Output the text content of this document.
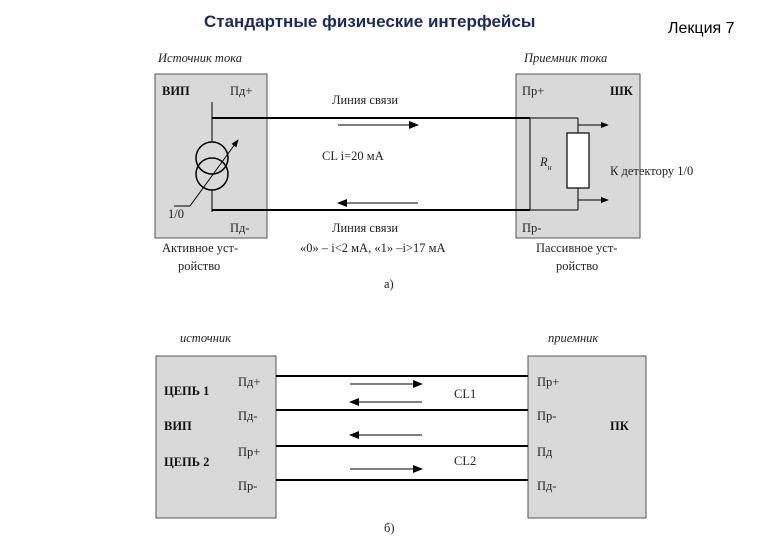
Стандартные физические интерфейсы	Лекция 7
Источник тока	Приемник тока
ВИП	Пд+
Пд-
1/0
Пр+	ШК
Пр-
$R_н$	К детектору 1/0
Линия связи
CL i=20 мА
Линия связи
«0» – i<2 мА, «1» –i>17 мА
Активное уст-
ройство
Пассивное уст-
ройство
а)
источник	приемник
ЦЕПЬ 1
ВИП
ЦЕПЬ 2
Пд+
Пд-
Пр+
Пр-
Пр+
Пр-
Пд
Пд-
ПК
CL1
CL2
б)
